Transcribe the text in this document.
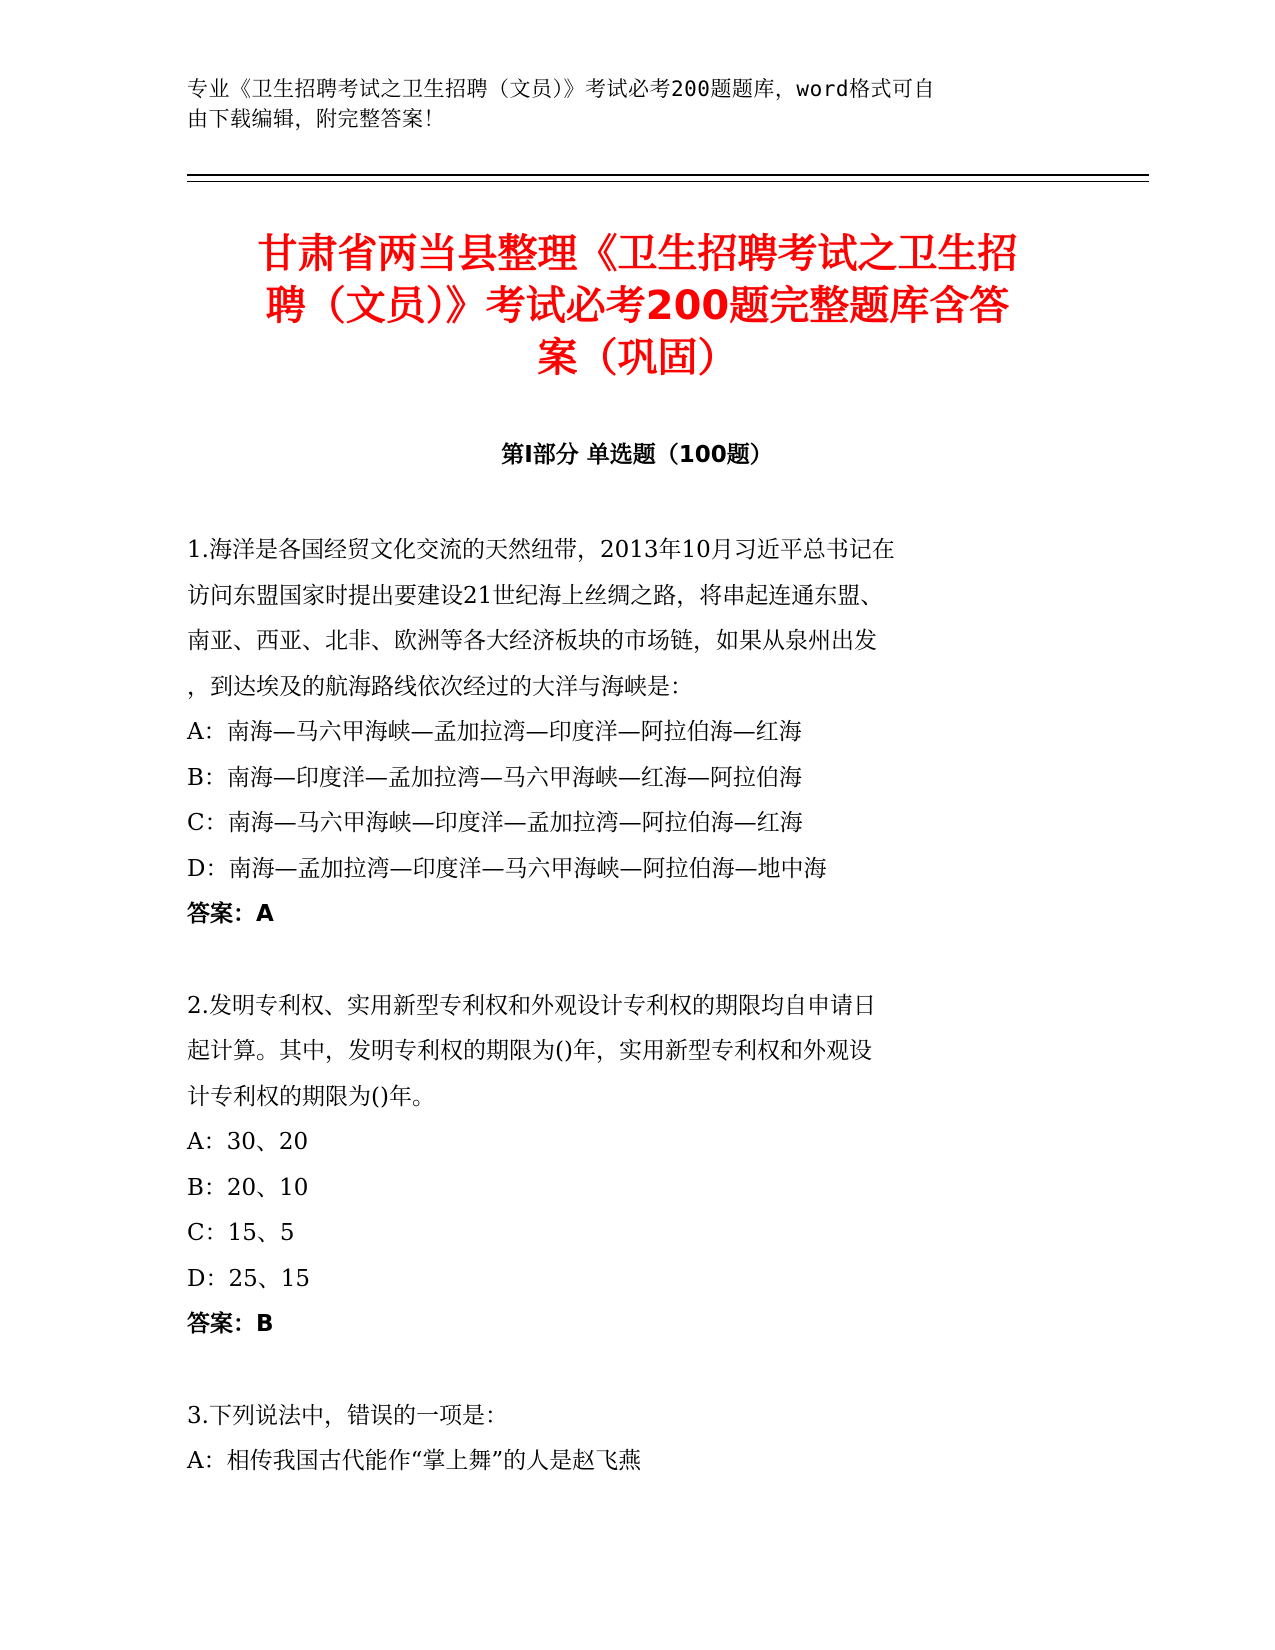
专业《卫生招聘考试之卫生招聘（文员）》考试必考200题题库，word格式可自
由下载编辑，附完整答案！
甘肃省两当县整理《卫生招聘考试之卫生招
聘（文员）》考试必考200题完整题库含答
案（巩固）
第Ⅰ部分 单选题（100题）
1.海洋是各国经贸文化交流的天然纽带，2013年10月习近平总书记在
访问东盟国家时提出要建设21世纪海上丝绸之路，将串起连通东盟、
南亚、西亚、北非、欧洲等各大经济板块的市场链，如果从泉州出发
，到达埃及的航海路线依次经过的大洋与海峡是：
A：南海—马六甲海峡—孟加拉湾—印度洋—阿拉伯海—红海
B：南海—印度洋—孟加拉湾—马六甲海峡—红海—阿拉伯海
C：南海—马六甲海峡—印度洋—孟加拉湾—阿拉伯海—红海
D：南海—孟加拉湾—印度洋—马六甲海峡—阿拉伯海—地中海
答案：A
2.发明专利权、实用新型专利权和外观设计专利权的期限均自申请日
起计算。其中，发明专利权的期限为()年，实用新型专利权和外观设
计专利权的期限为()年。
A：30、20
B：20、10
C：15、5
D：25、15
答案：B
3.下列说法中，错误的一项是：
A：相传我国古代能作“掌上舞”的人是赵飞燕
